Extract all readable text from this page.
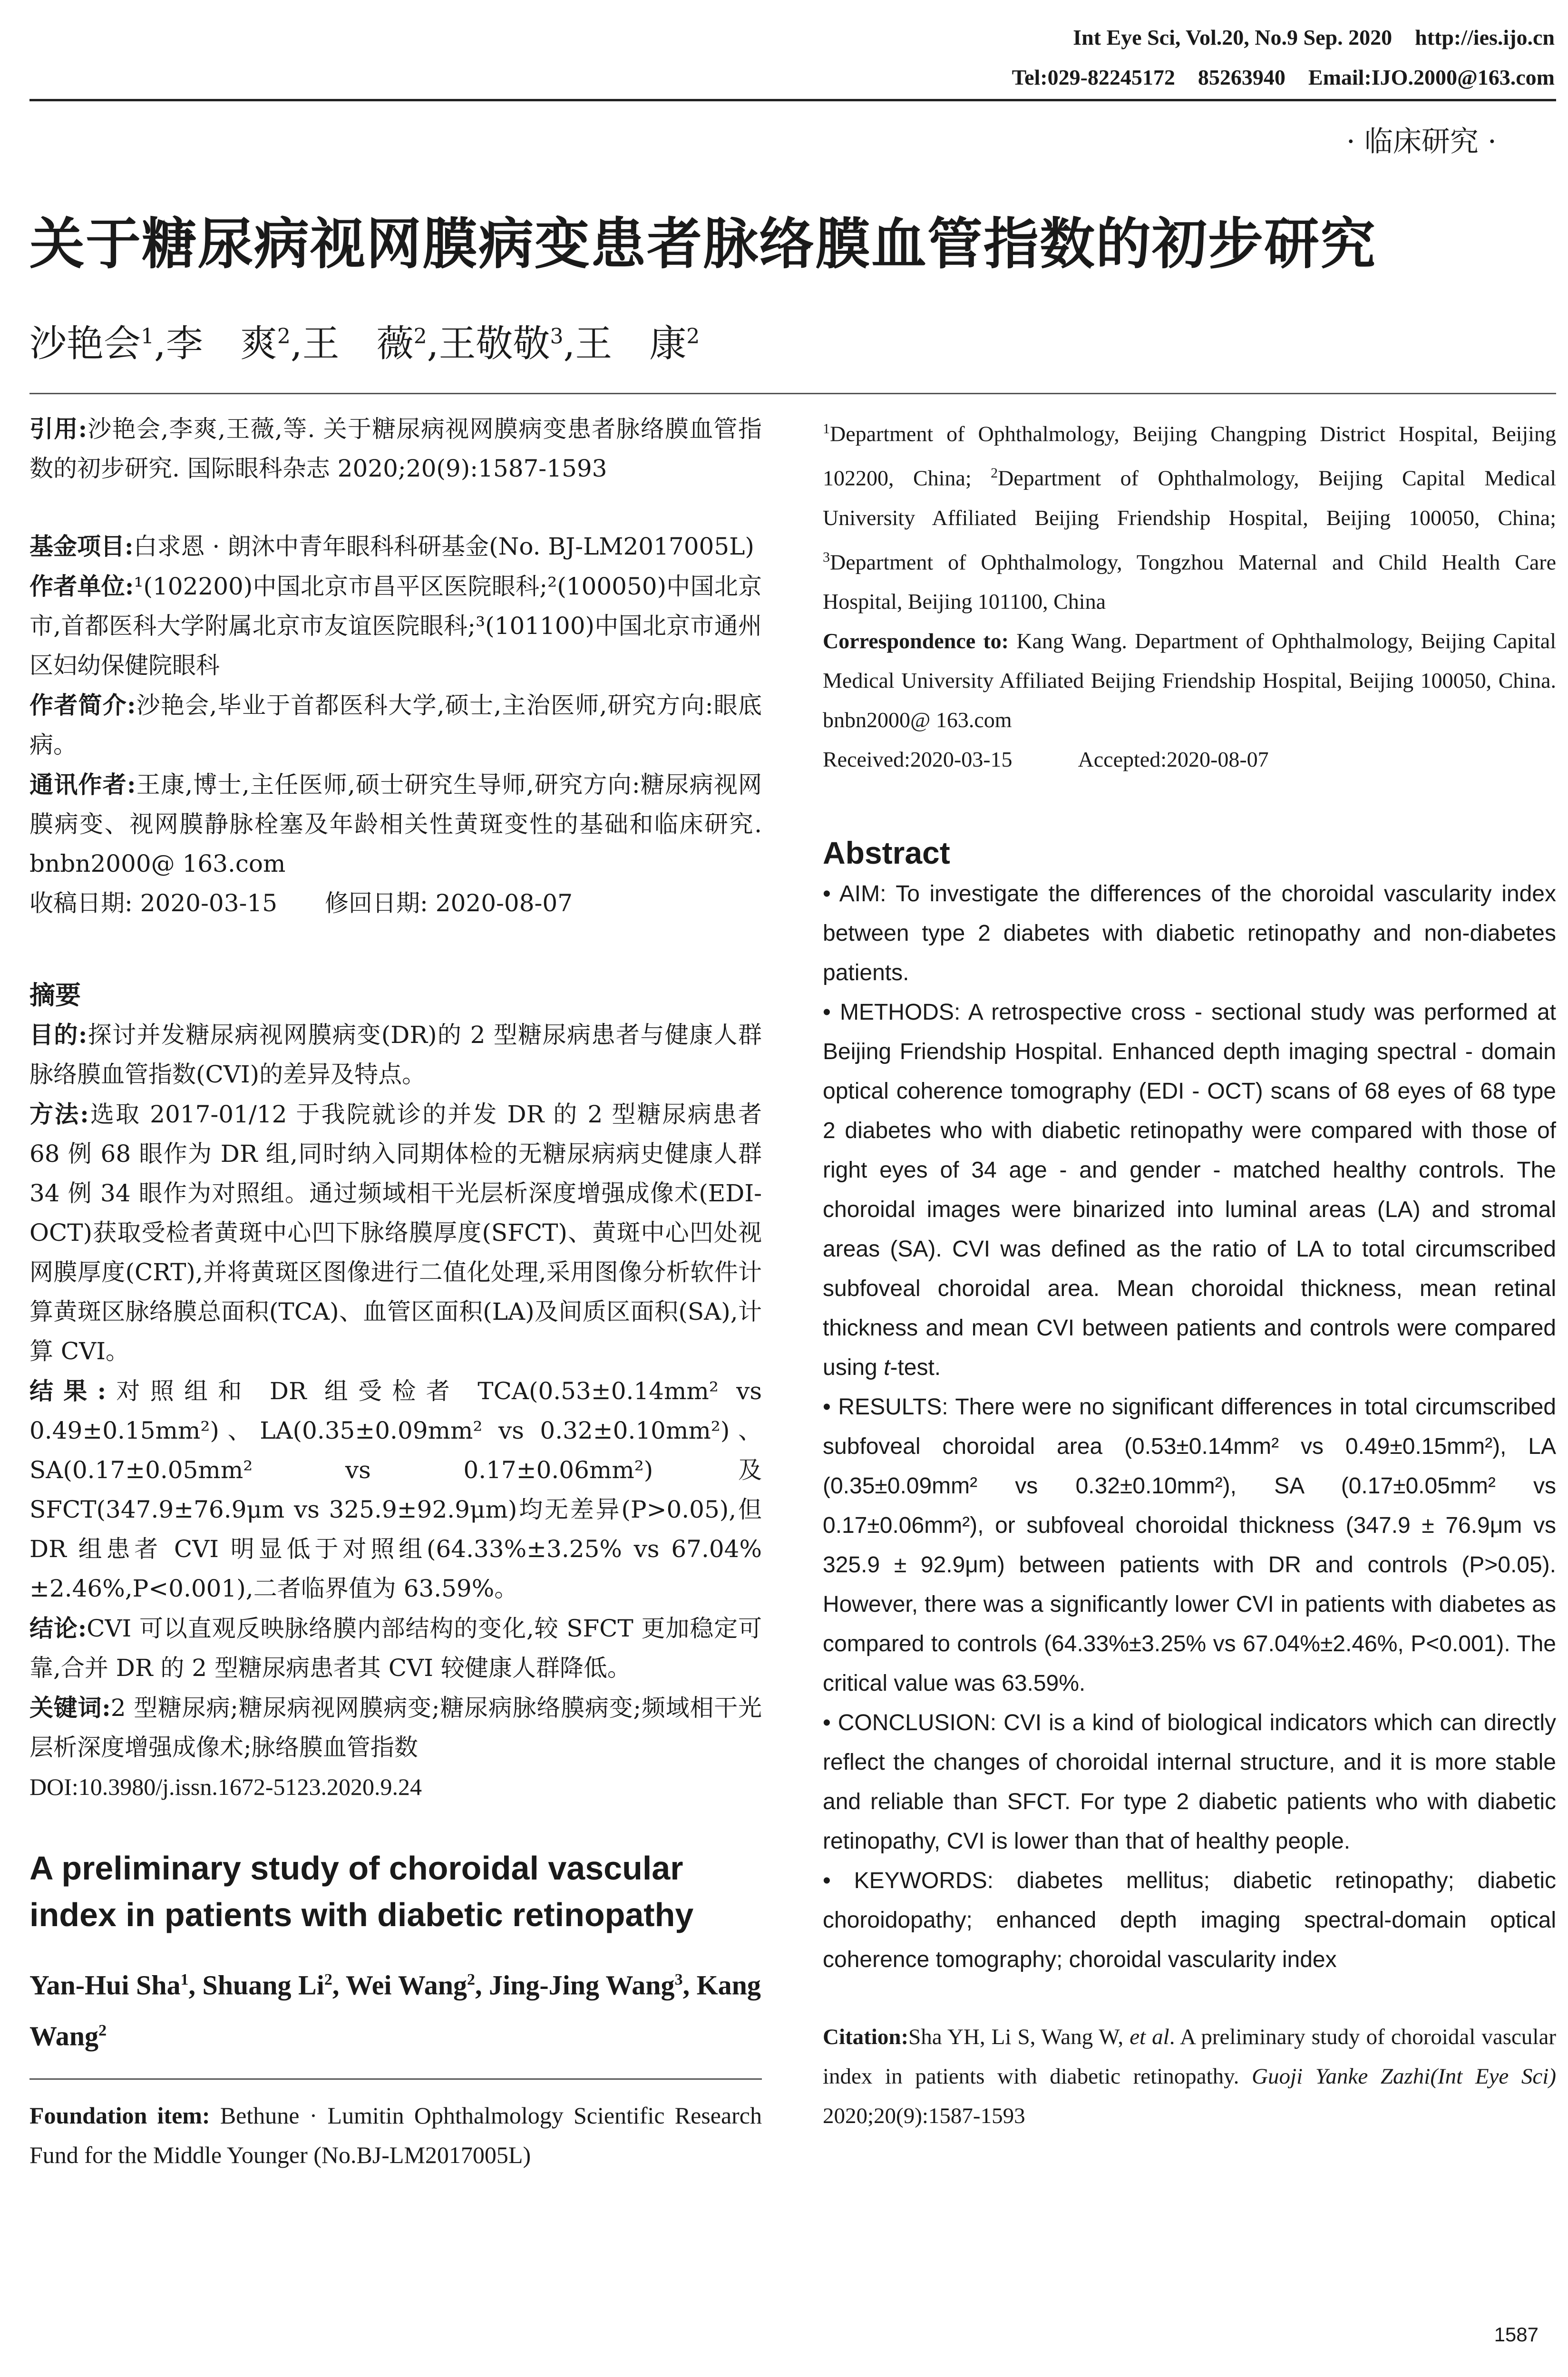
Int Eye Sci, Vol.20, No.9 Sep. 2020 http://ies.ijo.cn
Tel:029-82245172 85263940 Email:IJO.2000@163.com
· 临床研究 ·
关于糖尿病视网膜病变患者脉络膜血管指数的初步研究
沙艳会$^1$,李　爽$^2$,王　薇$^2$,王敬敬$^3$,王　康$^2$

引用:沙艳会,李爽,王薇,等. 关于糖尿病视网膜病变患者脉络膜血管指数的初步研究. 国际眼科杂志 2020;20(9):1587-1593

基金项目:白求恩 · 朗沐中青年眼科科研基金(No. BJ-LM2017005L)

作者单位:¹(102200)中国北京市昌平区医院眼科;²(100050)中国北京市,首都医科大学附属北京市友谊医院眼科;³(101100)中国北京市通州区妇幼保健院眼科

作者简介:沙艳会,毕业于首都医科大学,硕士,主治医师,研究方向:眼底病。

通讯作者:王康,博士,主任医师,硕士研究生导师,研究方向:糖尿病视网膜病变、视网膜静脉栓塞及年龄相关性黄斑变性的基础和临床研究. bnbn2000@ 163.com

收稿日期: 2020-03-15　　修回日期: 2020-08-07

摘要

目的:探讨并发糖尿病视网膜病变(DR)的 2 型糖尿病患者与健康人群脉络膜血管指数(CVI)的差异及特点。

方法:选取 2017-01/12 于我院就诊的并发 DR 的 2 型糖尿病患者 68 例 68 眼作为 DR 组,同时纳入同期体检的无糖尿病病史健康人群 34 例 34 眼作为对照组。通过频域相干光层析深度增强成像术(EDI-OCT)获取受检者黄斑中心凹下脉络膜厚度(SFCT)、黄斑中心凹处视网膜厚度(CRT),并将黄斑区图像进行二值化处理,采用图像分析软件计算黄斑区脉络膜总面积(TCA)、血管区面积(LA)及间质区面积(SA),计算 CVI。

结果:对照组和 DR 组受检者 TCA(0.53±0.14mm² vs 0.49±0.15mm²)、LA(0.35±0.09mm² vs 0.32±0.10mm²)、SA(0.17±0.05mm² vs 0.17±0.06mm²)及 SFCT(347.9±76.9μm vs 325.9±92.9μm)均无差异(P>0.05),但 DR 组患者 CVI 明显低于对照组(64.33%±3.25% vs 67.04%±2.46%,P<0.001),二者临界值为 63.59%。

结论:CVI 可以直观反映脉络膜内部结构的变化,较 SFCT 更加稳定可靠,合并 DR 的 2 型糖尿病患者其 CVI 较健康人群降低。

关键词:2 型糖尿病;糖尿病视网膜病变;糖尿病脉络膜病变;频域相干光层析深度增强成像术;脉络膜血管指数

DOI:10.3980/j.issn.1672-5123.2020.9.24

A preliminary study of choroidal vascular index in patients with diabetic retinopathy

Yan-Hui Sha$^1$, Shuang Li$^2$, Wei Wang$^2$, Jing-Jing Wang$^3$, Kang Wang$^2$

Foundation item: Bethune · Lumitin Ophthalmology Scientific Research Fund for the Middle Younger (No.BJ-LM2017005L)

$^1$Department of Ophthalmology, Beijing Changping District Hospital, Beijing 102200, China; $^2$Department of Ophthalmology, Beijing Capital Medical University Affiliated Beijing Friendship Hospital, Beijing 100050, China; $^3$Department of Ophthalmology, Tongzhou Maternal and Child Health Care Hospital, Beijing 101100, China

Correspondence to: Kang Wang. Department of Ophthalmology, Beijing Capital Medical University Affiliated Beijing Friendship Hospital, Beijing 100050, China. bnbn2000@ 163.com

Received:2020-03-15　　　	Accepted:2020-08-07

Abstract

• AIM: To investigate the differences of the choroidal vascularity index between type 2 diabetes with diabetic retinopathy and non-diabetes patients.

• METHODS: A retrospective cross - sectional study was performed at Beijing Friendship Hospital. Enhanced depth imaging spectral - domain optical coherence tomography (EDI - OCT) scans of 68 eyes of 68 type 2 diabetes who with diabetic retinopathy were compared with those of right eyes of 34 age - and gender - matched healthy controls. The choroidal images were binarized into luminal areas (LA) and stromal areas (SA). CVI was defined as the ratio of LA to total circumscribed subfoveal choroidal area. Mean choroidal thickness, mean retinal thickness and mean CVI between patients and controls were compared using t-test.

• RESULTS: There were no significant differences in total circumscribed subfoveal choroidal area (0.53±0.14mm² vs 0.49±0.15mm²), LA (0.35±0.09mm² vs 0.32±0.10mm²), SA (0.17±0.05mm² vs 0.17±0.06mm²), or subfoveal choroidal thickness (347.9 ± 76.9μm vs 325.9 ± 92.9μm) between patients with DR and controls (P>0.05). However, there was a significantly lower CVI in patients with diabetes as compared to controls (64.33%±3.25% vs 67.04%±2.46%, P<0.001). The critical value was 63.59%.

• CONCLUSION: CVI is a kind of biological indicators which can directly reflect the changes of choroidal internal structure, and it is more stable and reliable than SFCT. For type 2 diabetic patients who with diabetic retinopathy, CVI is lower than that of healthy people.

• KEYWORDS: diabetes mellitus; diabetic retinopathy; diabetic choroidopathy; enhanced depth imaging spectral-domain optical coherence tomography; choroidal vascularity index

Citation:Sha YH, Li S, Wang W, et al. A preliminary study of choroidal vascular index in patients with diabetic retinopathy. Guoji Yanke Zazhi(Int Eye Sci) 2020;20(9):1587-1593

1587
